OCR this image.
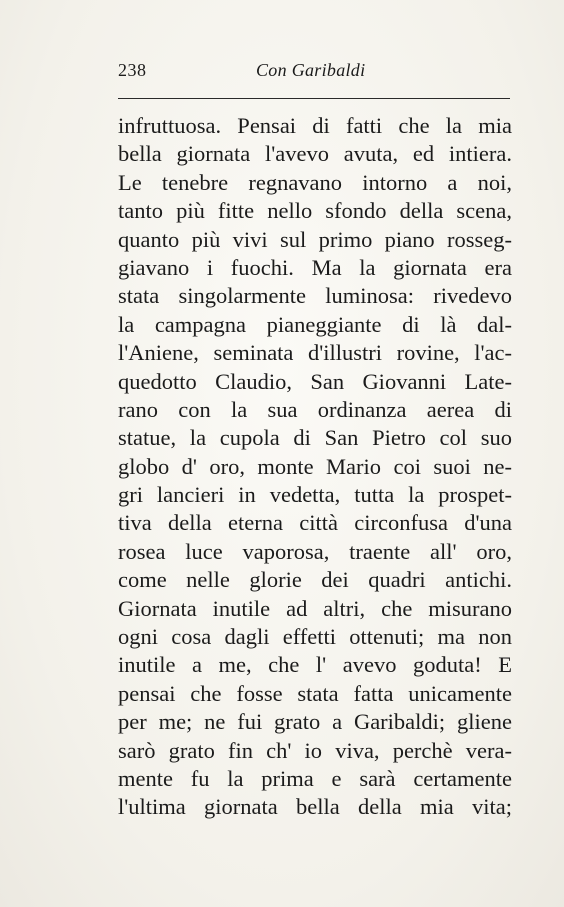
238	Con Garibaldi
infruttuosa. Pensai di fatti che la mia
bella giornata l'avevo avuta, ed intiera.
Le tenebre regnavano intorno a noi,
tanto più fitte nello sfondo della scena,
quanto più vivi sul primo piano rosseg-
giavano i fuochi. Ma la giornata era
stata singolarmente luminosa: rivedevo
la campagna pianeggiante di là dal-
l'Aniene, seminata d'illustri rovine, l'ac-
quedotto Claudio, San Giovanni Late-
rano con la sua ordinanza aerea di
statue, la cupola di San Pietro col suo
globo d' oro, monte Mario coi suoi ne-
gri lancieri in vedetta, tutta la prospet-
tiva della eterna città circonfusa d'una
rosea luce vaporosa, traente all' oro,
come nelle glorie dei quadri antichi.
Giornata inutile ad altri, che misurano
ogni cosa dagli effetti ottenuti; ma non
inutile a me, che l' avevo goduta! E
pensai che fosse stata fatta unicamente
per me; ne fui grato a Garibaldi; gliene
sarò grato fin ch' io viva, perchè vera-
mente fu la prima e sarà certamente
l'ultima giornata bella della mia vita;
